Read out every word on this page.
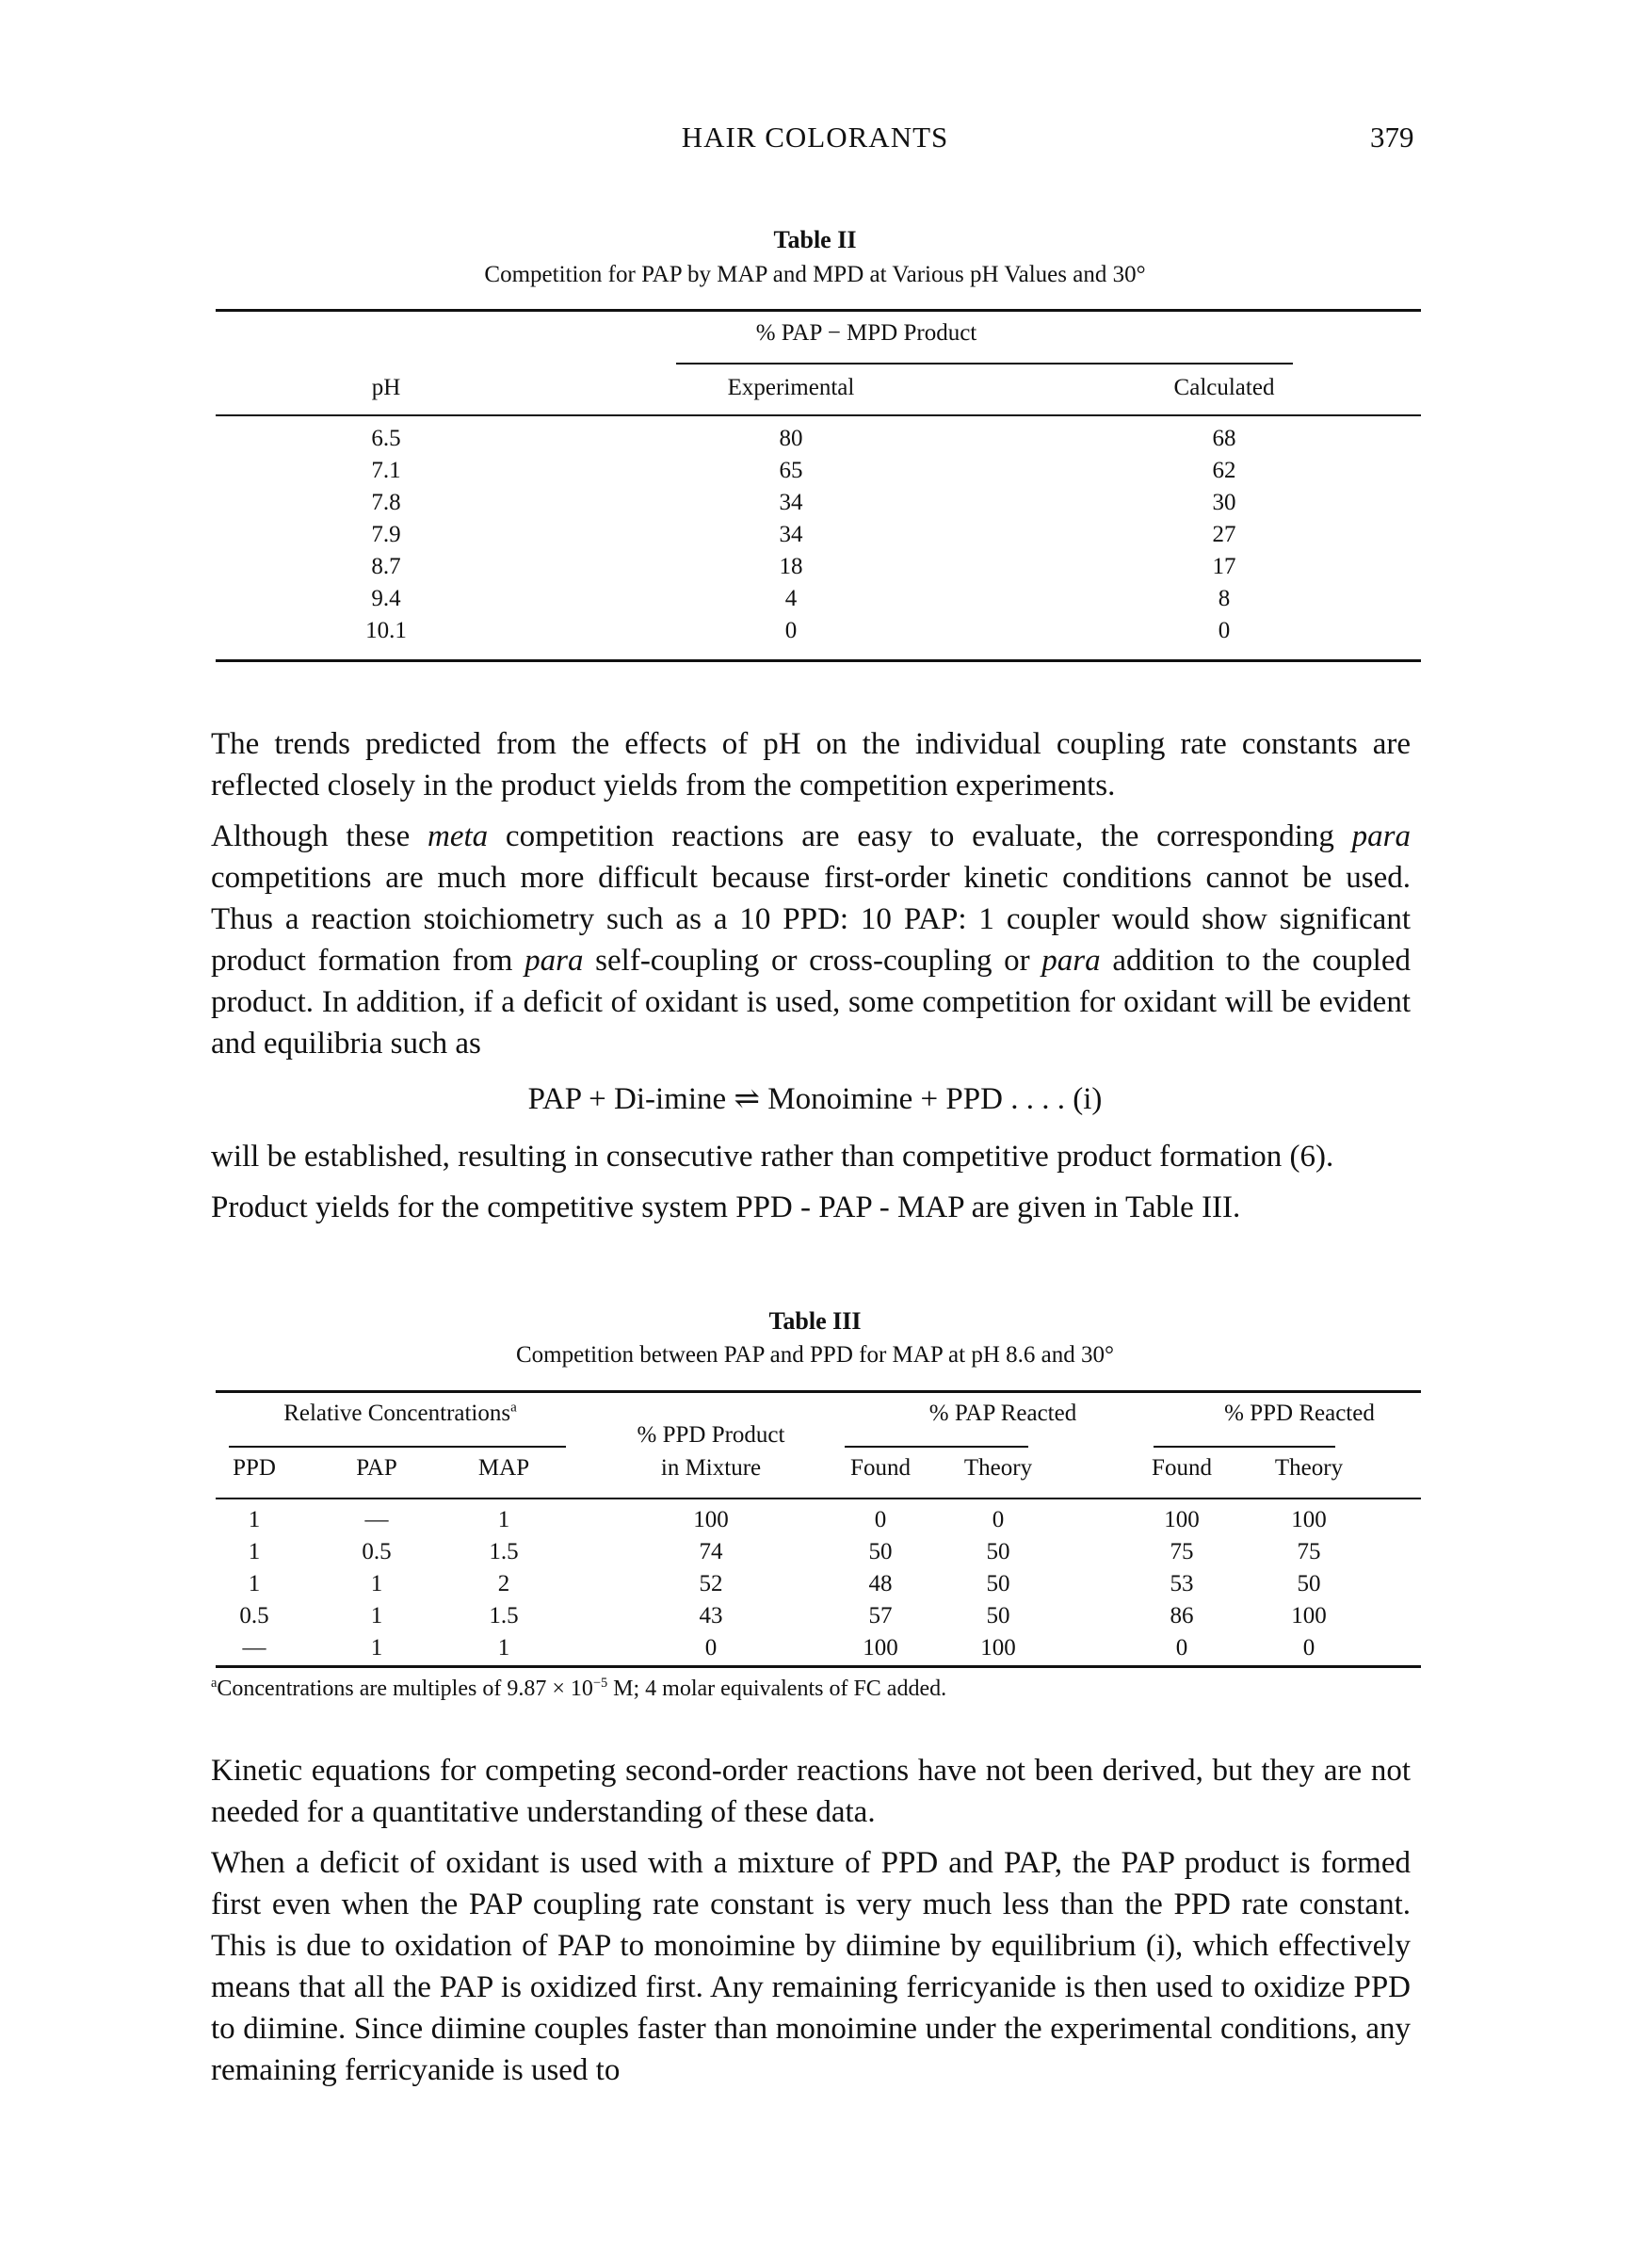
HAIR COLORANTS	379
Table II
Competition for PAP by MAP and MPD at Various pH Values and 30°
% PAP − MPD Product
pH	Experimental	Calculated
6.5	80	68
7.1	65	62
7.8	34	30
7.9	34	27
8.7	18	17
9.4	4	8
10.1	0	0

The trends predicted from the effects of pH on the individual coupling rate constants are reflected closely in the product yields from the competition experiments.

Although these meta competition reactions are easy to evaluate, the corresponding para competitions are much more difficult because first-order kinetic conditions cannot be used. Thus a reaction stoichiometry such as a 10 PPD: 10 PAP: 1 coupler would show significant product formation from para self-coupling or cross-coupling or para addition to the coupled product. In addition, if a deficit of oxidant is used, some competition for oxidant will be evident and equilibria such as

PAP + Di-imine ⇌ Monoimine + PPD . . . . (i)

will be established, resulting in consecutive rather than competitive product formation (6).

Product yields for the competitive system PPD - PAP - MAP are given in Table III.

Table III
Competition between PAP and PPD for MAP at pH 8.6 and 30°
Relative Concentrations$^a$
% PPD Product
% PAP Reacted	% PPD Reacted
PPD	PAP	MAP	in Mixture	Found	Theory	Found	Theory
1	—	1	100	0	0	100	100
1	0.5	1.5	74	50	50	75	75
1	1	2	52	48	50	53	50
0.5	1	1.5	43	57	50	86	100
—	1	1	0	100	100	0	0
$^a$Concentrations are multiples of $9.87 \times 10^{-5}$ M; 4 molar equivalents of FC added.

Kinetic equations for competing second-order reactions have not been derived, but they are not needed for a quantitative understanding of these data.

When a deficit of oxidant is used with a mixture of PPD and PAP, the PAP product is formed first even when the PAP coupling rate constant is very much less than the PPD rate constant. This is due to oxidation of PAP to monoimine by diimine by equilibrium (i), which effectively means that all the PAP is oxidized first. Any remaining ferricyanide is then used to oxidize PPD to diimine. Since diimine couples faster than monoimine under the experimental conditions, any remaining ferricyanide is used to
